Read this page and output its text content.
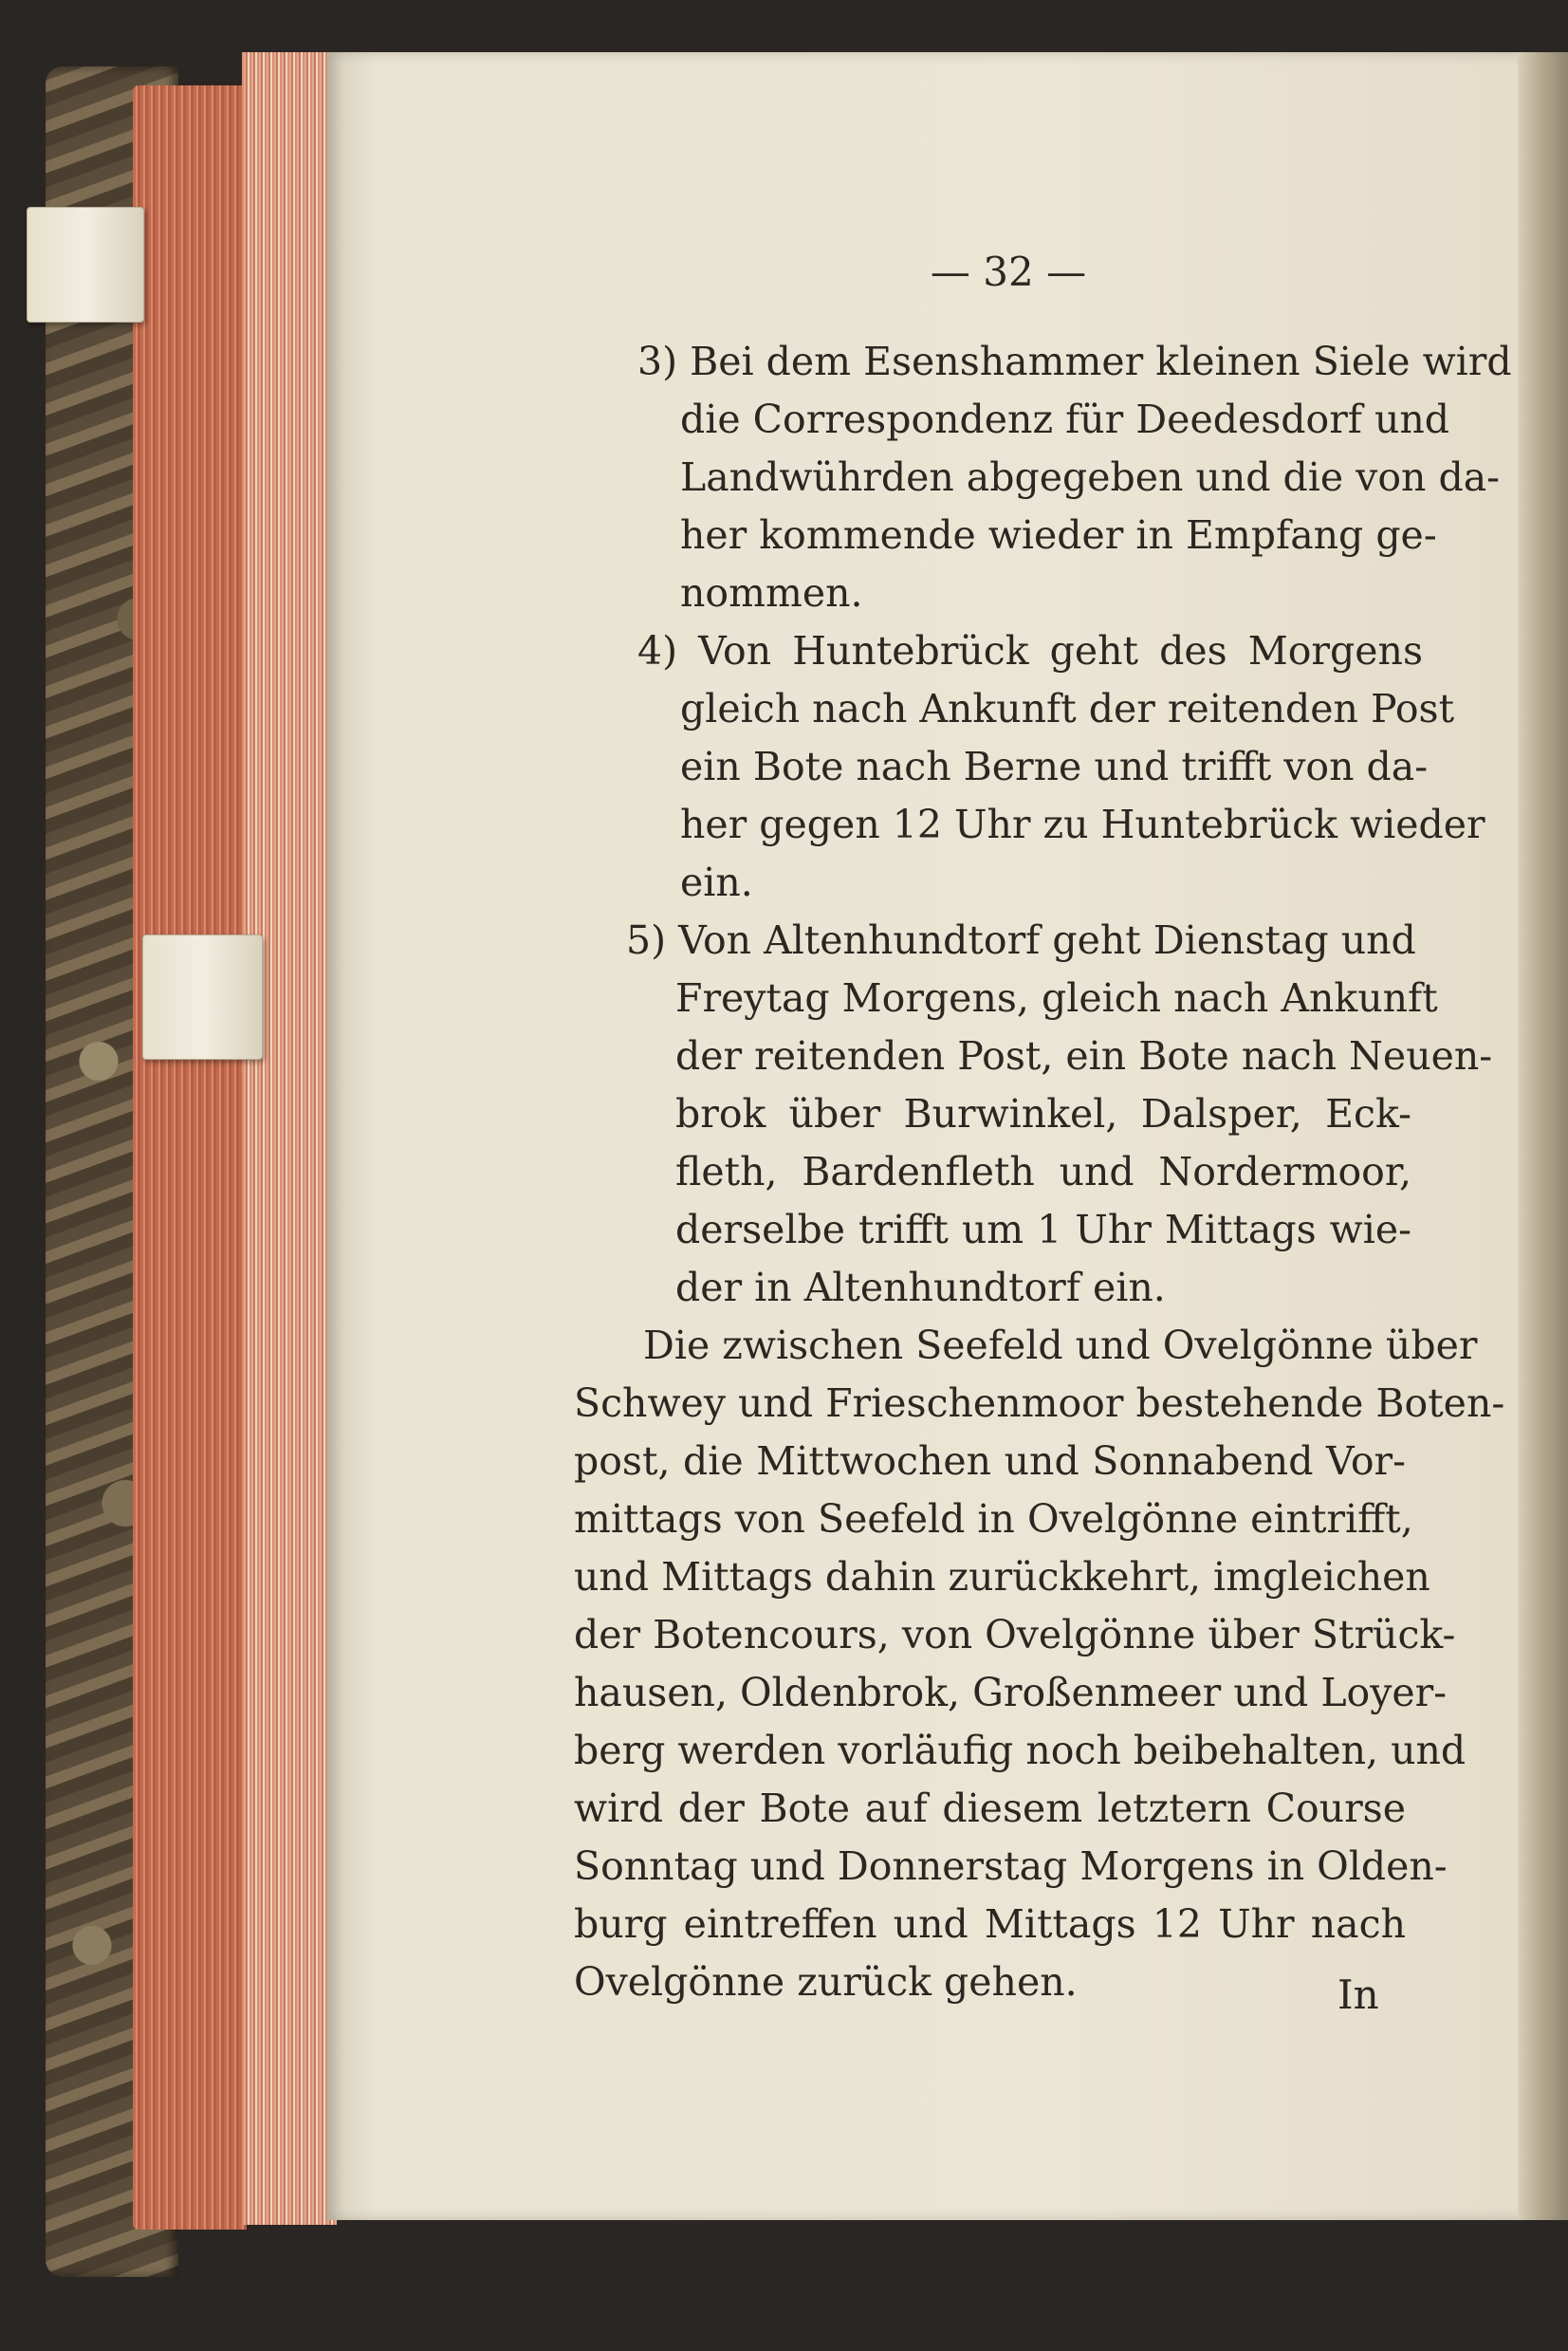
— 32 —
3) Bei dem Esenshammer kleinen Siele wird
die Correspondenz für Deedesdorf und
Landwührden abgegeben und die von da-
her kommende wieder in Empfang ge-
nommen.
4) Von Huntebrück geht des Morgens
gleich nach Ankunft der reitenden Post
ein Bote nach Berne und trifft von da-
her gegen 12 Uhr zu Huntebrück wieder
ein.
5) Von Altenhundtorf geht Dienstag und
Freytag Morgens, gleich nach Ankunft
der reitenden Post, ein Bote nach Neuen-
brok über Burwinkel, Dalsper, Eck-
fleth, Bardenfleth und Nordermoor,
derselbe trifft um 1 Uhr Mittags wie-
der in Altenhundtorf ein.
Die zwischen Seefeld und Ovelgönne über
Schwey und Frieschenmoor bestehende Boten-
post, die Mittwochen und Sonnabend Vor-
mittags von Seefeld in Ovelgönne eintrifft,
und Mittags dahin zurückkehrt, imgleichen
der Botencours, von Ovelgönne über Strück-
hausen, Oldenbrok, Großenmeer und Loyer-
berg werden vorläufig noch beibehalten, und
wird der Bote auf diesem letztern Course
Sonntag und Donnerstag Morgens in Olden-
burg eintreffen und Mittags 12 Uhr nach
Ovelgönne zurück gehen.	In
